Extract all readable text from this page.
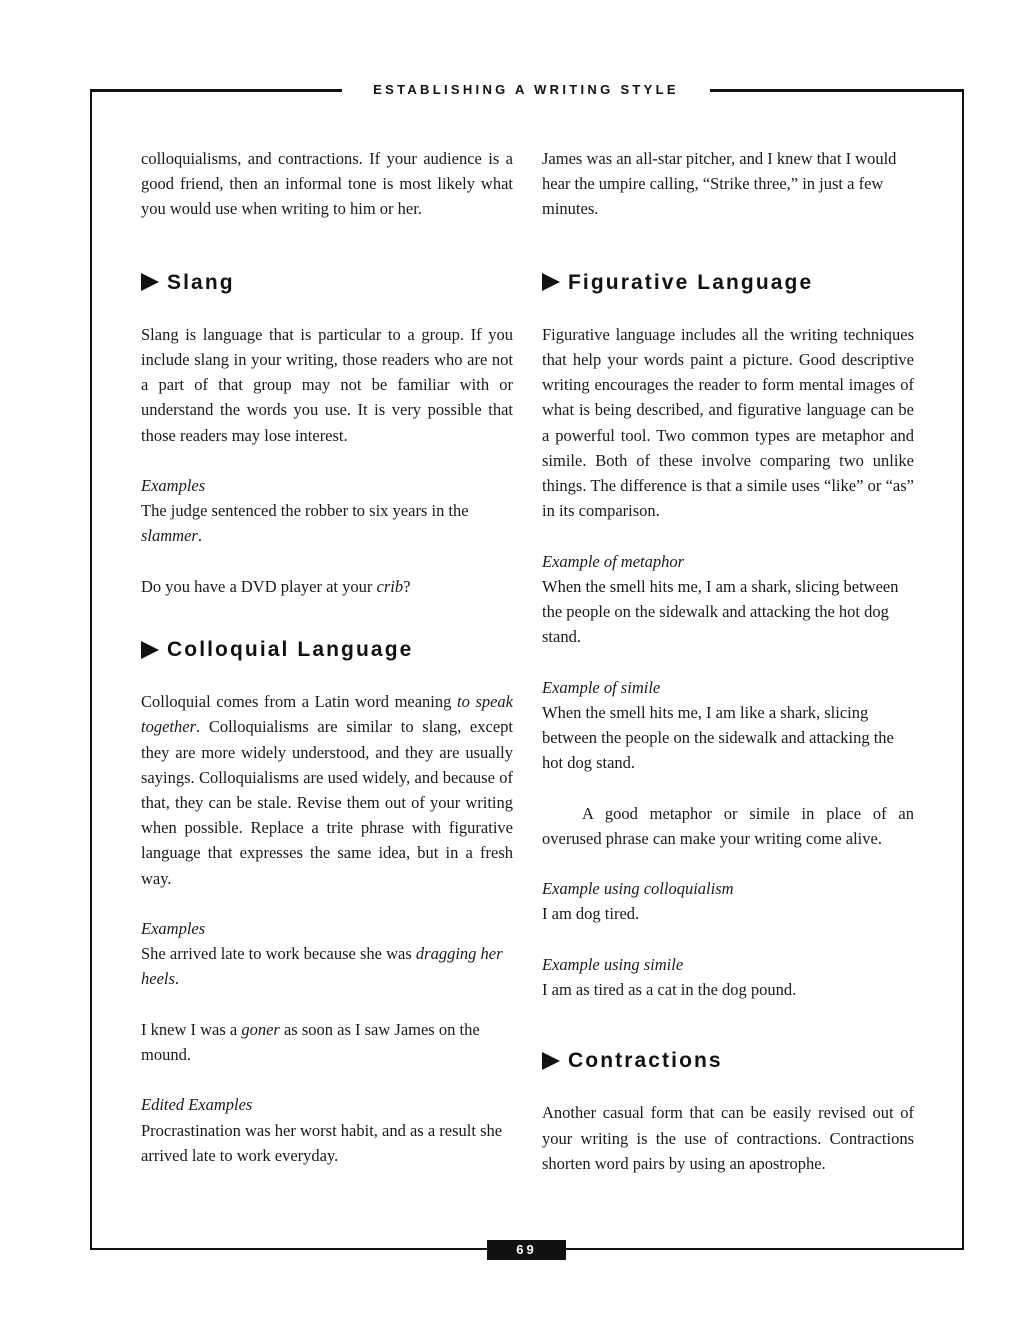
ESTABLISHING A WRITING STYLE
69

colloquialisms, and contractions. If your audience is a good friend, then an informal tone is most likely what you would use when writing to him or her.

Slang

Slang is language that is particular to a group. If you include slang in your writing, those readers who are not a part of that group may not be familiar with or understand the words you use. It is very possible that those readers may lose interest.

Examples

The judge sentenced the robber to six years in the slammer.

Do you have a DVD player at your crib?

Colloquial Language

Colloquial comes from a Latin word meaning to speak together. Colloquialisms are similar to slang, except they are more widely understood, and they are usually sayings. Colloquialisms are used widely, and because of that, they can be stale. Revise them out of your writing when possible. Replace a trite phrase with figurative language that expresses the same idea, but in a fresh way.

Examples

She arrived late to work because she was dragging her heels.

I knew I was a goner as soon as I saw James on the mound.

Edited Examples

Procrastination was her worst habit, and as a result she arrived late to work everyday.

James was an all-star pitcher, and I knew that I would hear the umpire calling, “Strike three,” in just a few minutes.

Figurative Language

Figurative language includes all the writing techniques that help your words paint a picture. Good descriptive writing encourages the reader to form mental images of what is being described, and figurative language can be a powerful tool. Two common types are metaphor and simile. Both of these involve comparing two unlike things. The difference is that a simile uses “like” or “as” in its comparison.

Example of metaphor

When the smell hits me, I am a shark, slicing between the people on the sidewalk and attacking the hot dog stand.

Example of simile

When the smell hits me, I am like a shark, slicing between the people on the sidewalk and attacking the hot dog stand.

A good metaphor or simile in place of an overused phrase can make your writing come alive.

Example using colloquialism

I am dog tired.

Example using simile

I am as tired as a cat in the dog pound.

Contractions

Another casual form that can be easily revised out of your writing is the use of contractions. Contractions shorten word pairs by using an apostrophe.
